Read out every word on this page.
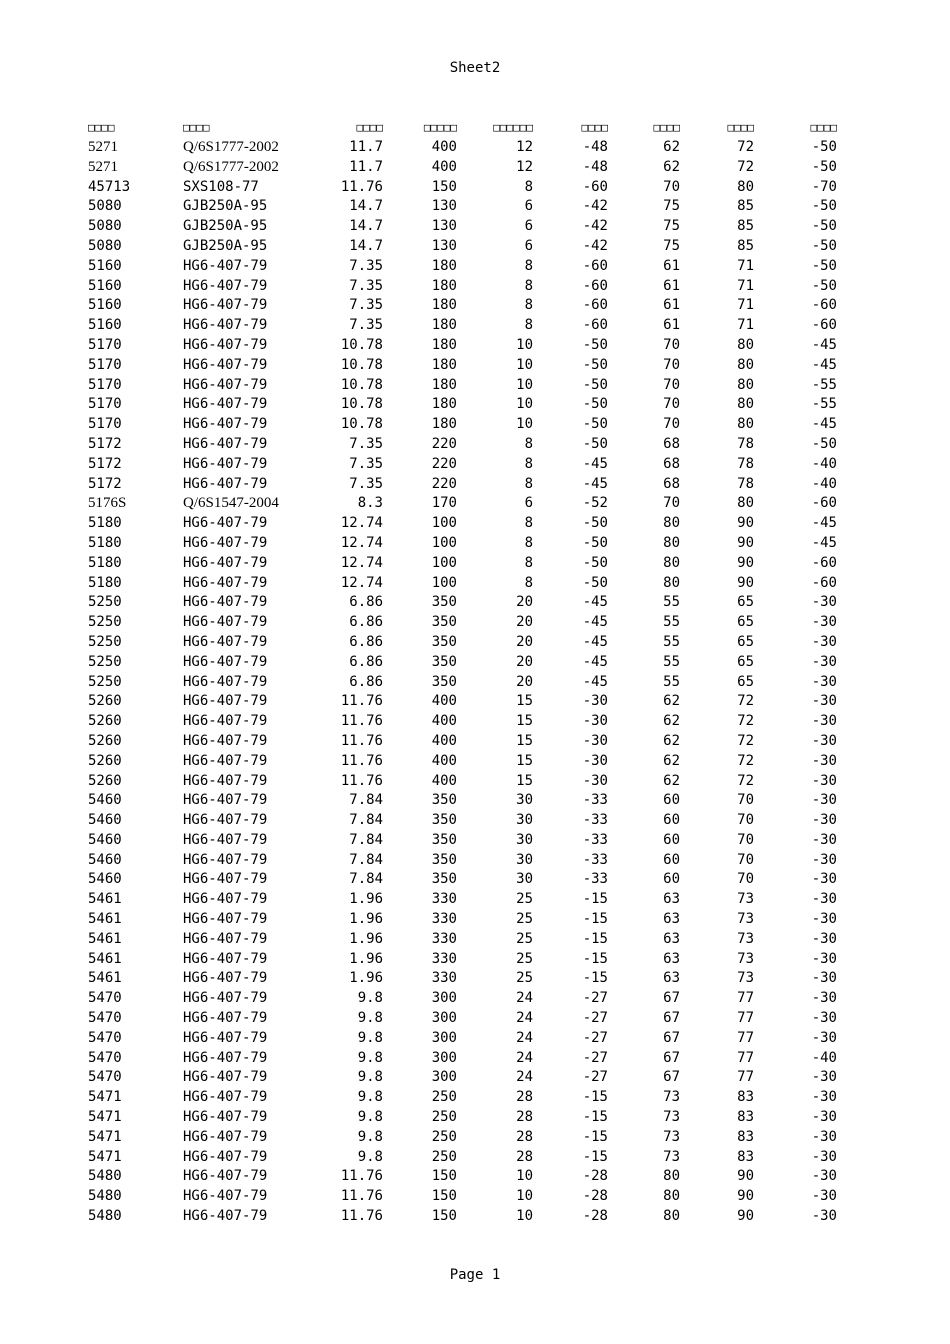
Sheet2
□□□□	□□□□	□□□□	□□□□□	□□□□□□	□□□□	□□□□	□□□□	□□□□
5271	Q/6S1777-2002	11.7	400	12	-48	62	72	-50
5271	Q/6S1777-2002	11.7	400	12	-48	62	72	-50
45713	SXS108-77	11.76	150	8	-60	70	80	-70
5080	GJB250A-95	14.7	130	6	-42	75	85	-50
5080	GJB250A-95	14.7	130	6	-42	75	85	-50
5080	GJB250A-95	14.7	130	6	-42	75	85	-50
5160	HG6-407-79	7.35	180	8	-60	61	71	-50
5160	HG6-407-79	7.35	180	8	-60	61	71	-50
5160	HG6-407-79	7.35	180	8	-60	61	71	-60
5160	HG6-407-79	7.35	180	8	-60	61	71	-60
5170	HG6-407-79	10.78	180	10	-50	70	80	-45
5170	HG6-407-79	10.78	180	10	-50	70	80	-45
5170	HG6-407-79	10.78	180	10	-50	70	80	-55
5170	HG6-407-79	10.78	180	10	-50	70	80	-55
5170	HG6-407-79	10.78	180	10	-50	70	80	-45
5172	HG6-407-79	7.35	220	8	-50	68	78	-50
5172	HG6-407-79	7.35	220	8	-45	68	78	-40
5172	HG6-407-79	7.35	220	8	-45	68	78	-40
5176S	Q/6S1547-2004	8.3	170	6	-52	70	80	-60
5180	HG6-407-79	12.74	100	8	-50	80	90	-45
5180	HG6-407-79	12.74	100	8	-50	80	90	-45
5180	HG6-407-79	12.74	100	8	-50	80	90	-60
5180	HG6-407-79	12.74	100	8	-50	80	90	-60
5250	HG6-407-79	6.86	350	20	-45	55	65	-30
5250	HG6-407-79	6.86	350	20	-45	55	65	-30
5250	HG6-407-79	6.86	350	20	-45	55	65	-30
5250	HG6-407-79	6.86	350	20	-45	55	65	-30
5250	HG6-407-79	6.86	350	20	-45	55	65	-30
5260	HG6-407-79	11.76	400	15	-30	62	72	-30
5260	HG6-407-79	11.76	400	15	-30	62	72	-30
5260	HG6-407-79	11.76	400	15	-30	62	72	-30
5260	HG6-407-79	11.76	400	15	-30	62	72	-30
5260	HG6-407-79	11.76	400	15	-30	62	72	-30
5460	HG6-407-79	7.84	350	30	-33	60	70	-30
5460	HG6-407-79	7.84	350	30	-33	60	70	-30
5460	HG6-407-79	7.84	350	30	-33	60	70	-30
5460	HG6-407-79	7.84	350	30	-33	60	70	-30
5460	HG6-407-79	7.84	350	30	-33	60	70	-30
5461	HG6-407-79	1.96	330	25	-15	63	73	-30
5461	HG6-407-79	1.96	330	25	-15	63	73	-30
5461	HG6-407-79	1.96	330	25	-15	63	73	-30
5461	HG6-407-79	1.96	330	25	-15	63	73	-30
5461	HG6-407-79	1.96	330	25	-15	63	73	-30
5470	HG6-407-79	9.8	300	24	-27	67	77	-30
5470	HG6-407-79	9.8	300	24	-27	67	77	-30
5470	HG6-407-79	9.8	300	24	-27	67	77	-30
5470	HG6-407-79	9.8	300	24	-27	67	77	-40
5470	HG6-407-79	9.8	300	24	-27	67	77	-30
5471	HG6-407-79	9.8	250	28	-15	73	83	-30
5471	HG6-407-79	9.8	250	28	-15	73	83	-30
5471	HG6-407-79	9.8	250	28	-15	73	83	-30
5471	HG6-407-79	9.8	250	28	-15	73	83	-30
5480	HG6-407-79	11.76	150	10	-28	80	90	-30
5480	HG6-407-79	11.76	150	10	-28	80	90	-30
5480	HG6-407-79	11.76	150	10	-28	80	90	-30
Page 1
